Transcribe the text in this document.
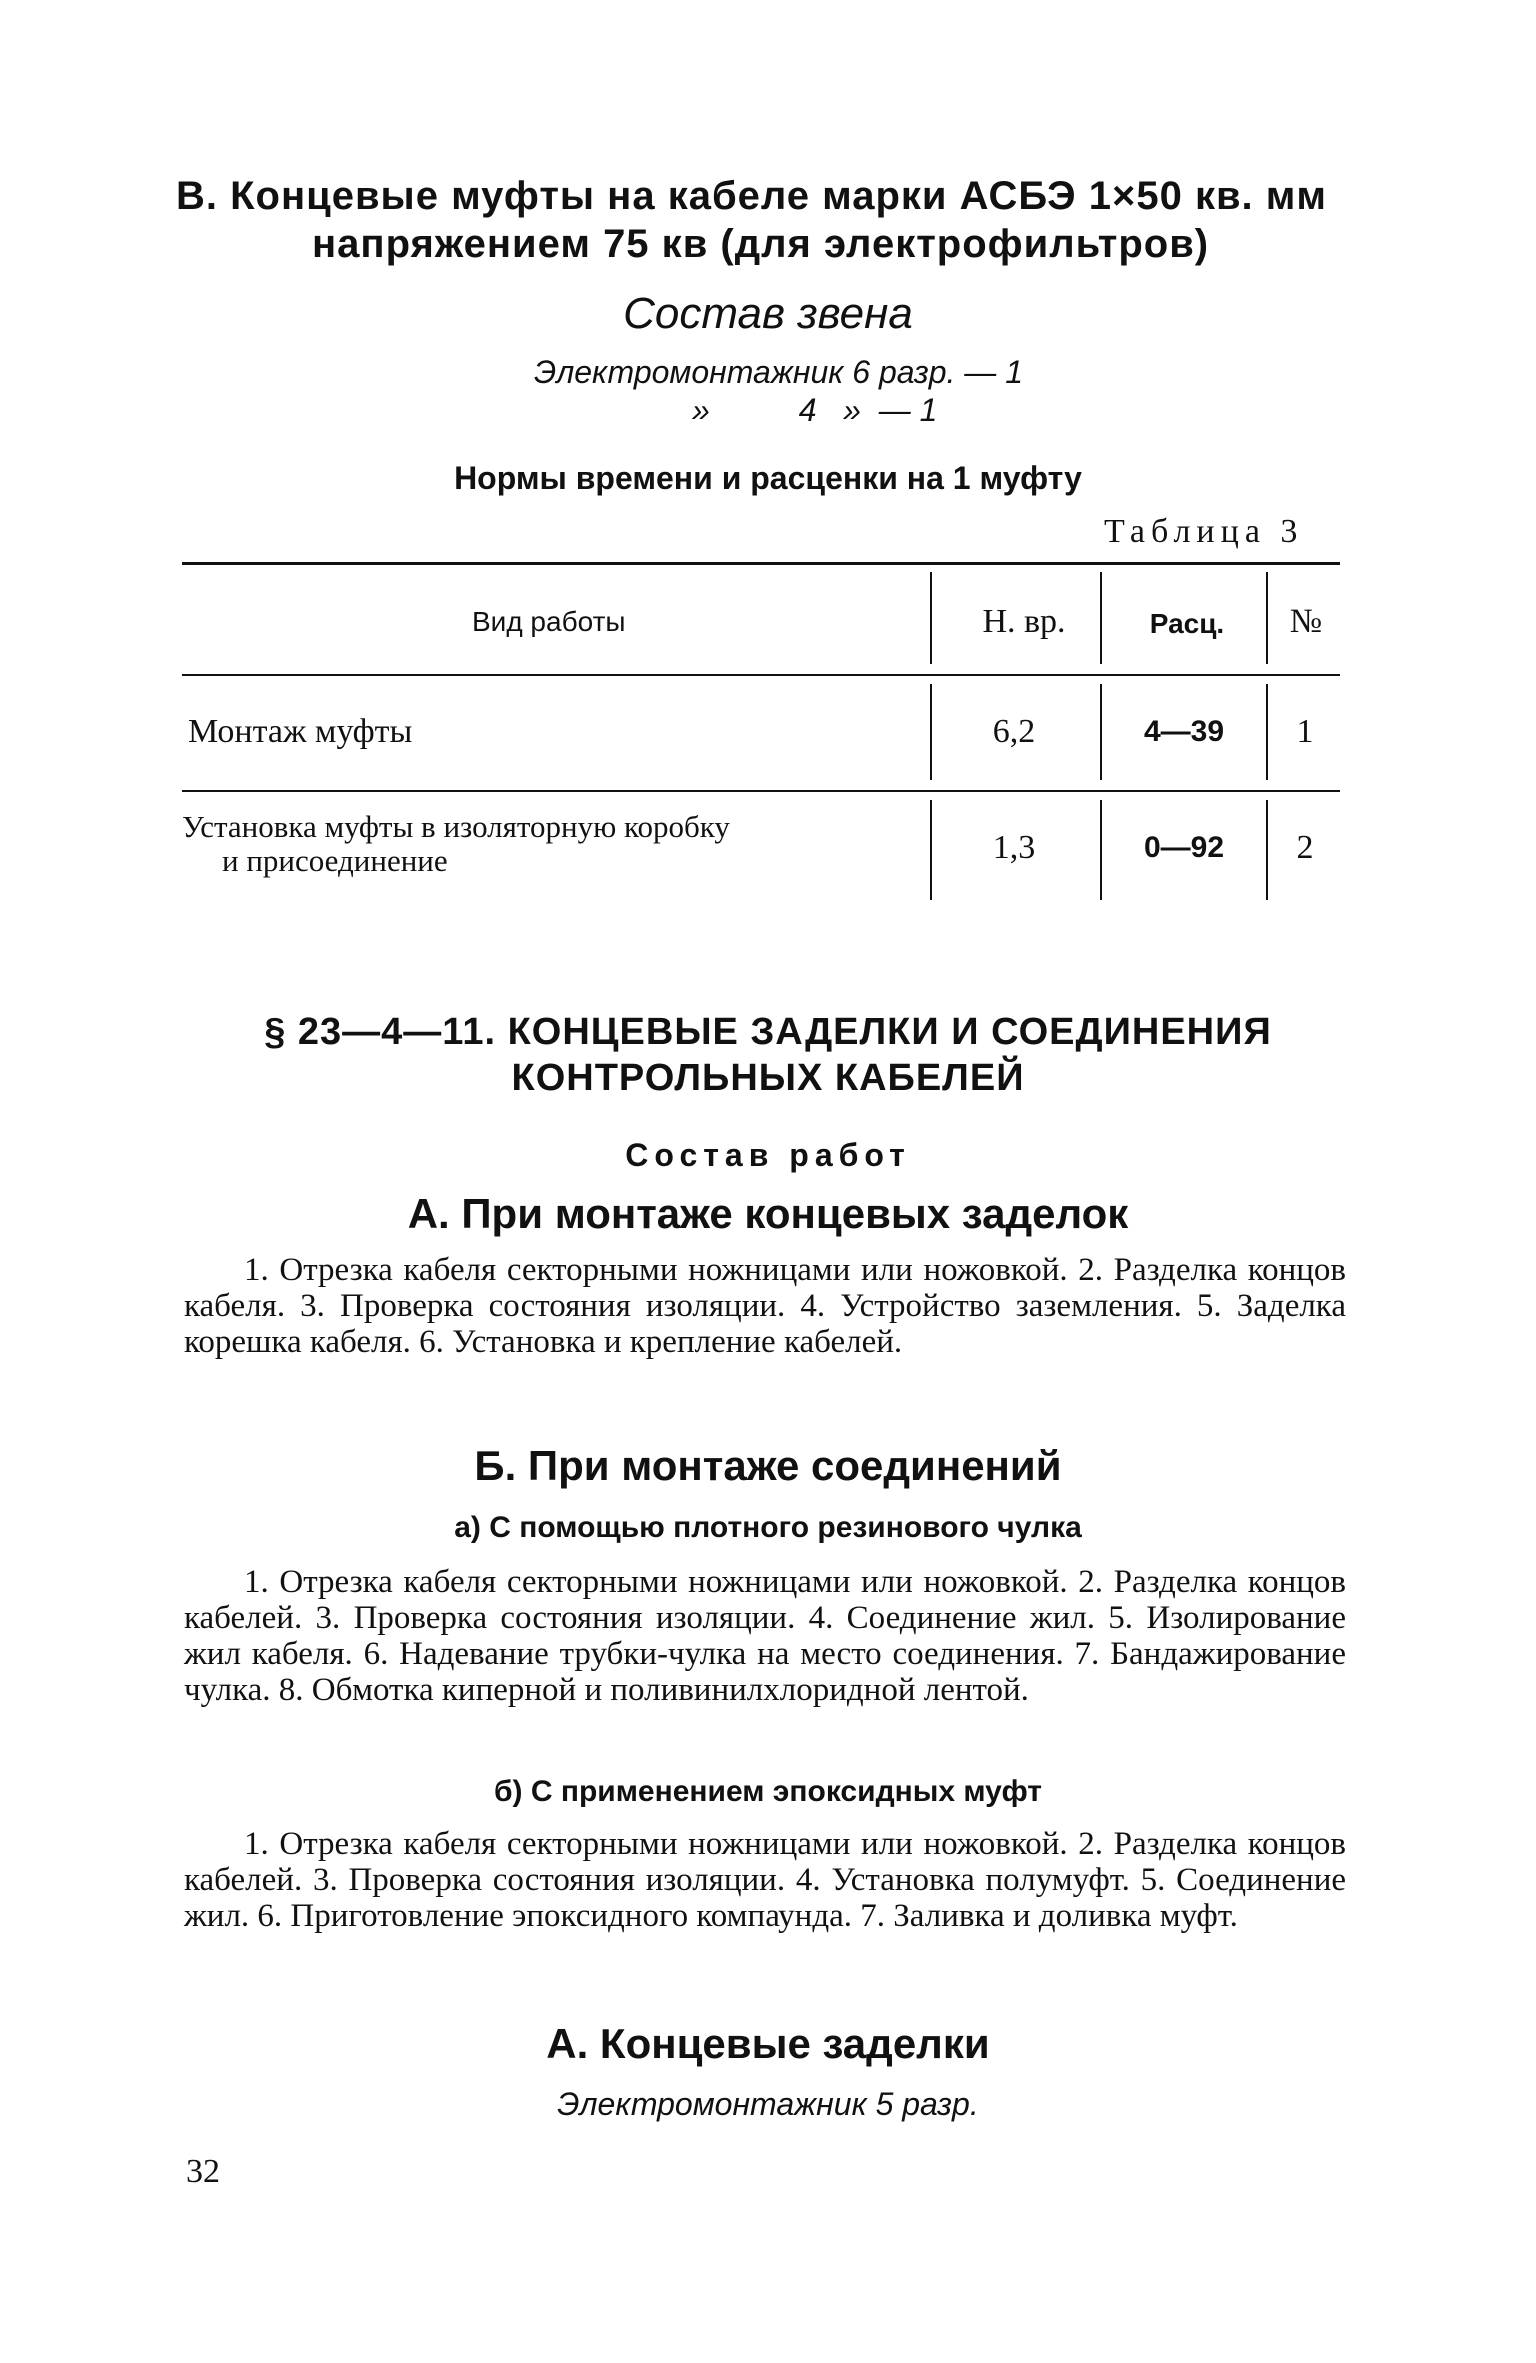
В. Концевые муфты на кабеле марки АСБЭ 1×50 кв. мм
напряжением 75 кв (для электрофильтров)
Состав звена
Электромонтажник 6 разр. — 1
»          4   »  — 1
Нормы времени и расценки на 1 муфту
Таблица 3
Вид работы	Н. вр.	Расц.	№
Монтаж муфты	6,2	4—39	1
Установка муфты в изоляторную коробку
и присоединение	1,3	0—92	2
§ 23—4—11. КОНЦЕВЫЕ ЗАДЕЛКИ И СОЕДИНЕНИЯ
КОНТРОЛЬНЫХ КАБЕЛЕЙ
Состав работ
А. При монтаже концевых заделок
1. Отрезка кабеля секторными ножницами или ножовкой. 2. Разделка концов кабеля. 3. Проверка состояния изоляции. 4. Устройство заземления. 5. Заделка корешка кабеля. 6. Установка и крепление кабелей.
Б. При монтаже соединений
а) С помощью плотного резинового чулка
1. Отрезка кабеля секторными ножницами или ножовкой. 2. Разделка концов кабелей. 3. Проверка состояния изоляции. 4. Соединение жил. 5. Изолирование жил кабеля. 6. Надевание трубки-чулка на место соединения. 7. Бандажирование чулка. 8. Обмотка киперной и поливинилхлоридной лентой.
б) С применением эпоксидных муфт
1. Отрезка кабеля секторными ножницами или ножовкой. 2. Разделка концов кабелей. 3. Проверка состояния изоляции. 4. Установка полумуфт. 5. Соединение жил. 6. Приготовление эпоксидного компаунда. 7. Заливка и доливка муфт.
А. Концевые заделки
Электромонтажник 5 разр.
32
